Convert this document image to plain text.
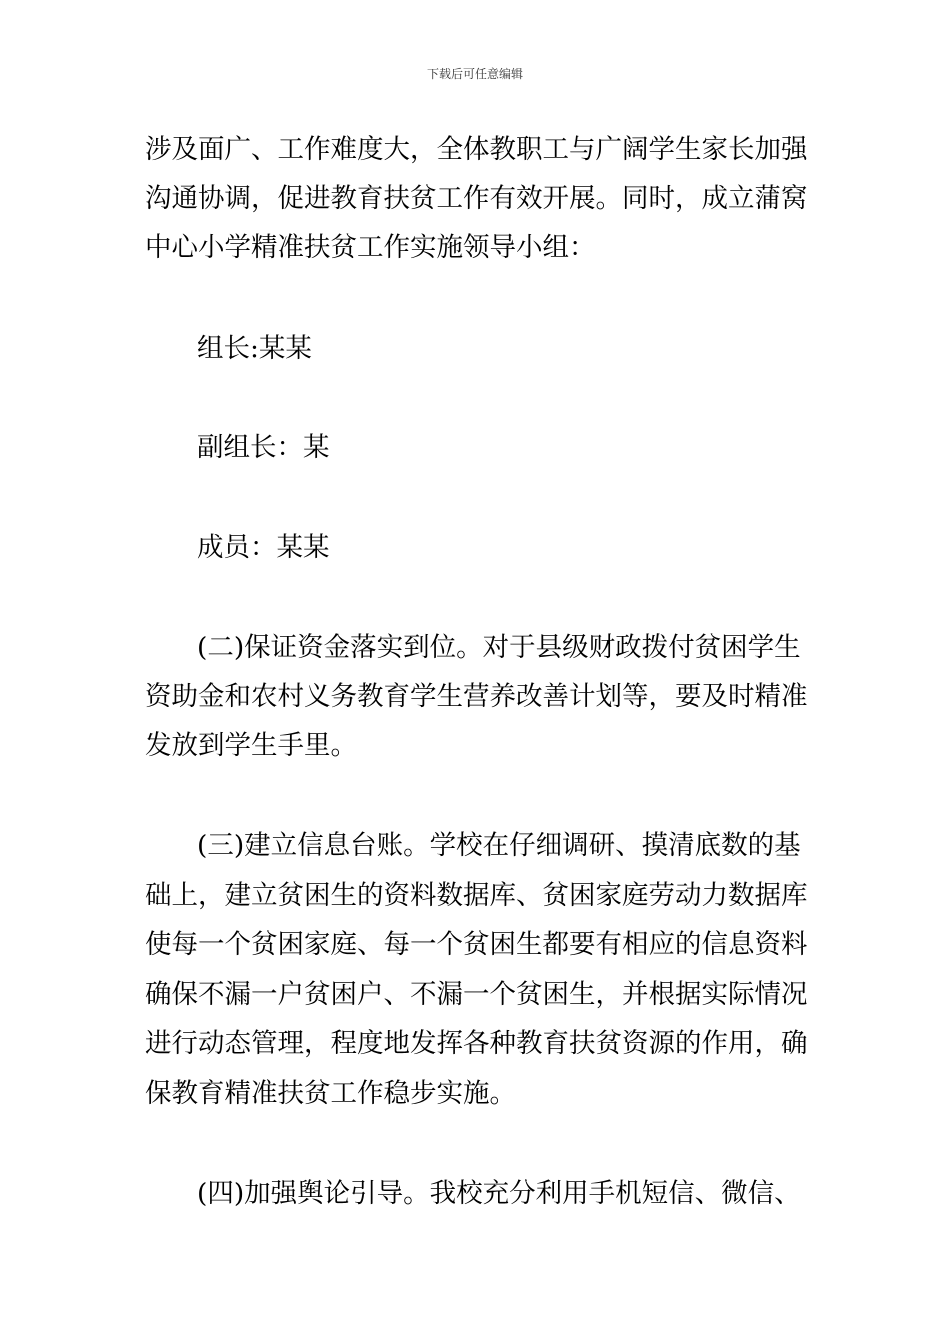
下载后可任意编辑
涉及面广、工作难度大，全体教职工与广阔学生家长加强
沟通协调，促进教育扶贫工作有效开展。同时，成立蒲窝
中心小学精准扶贫工作实施领导小组：
组长:某某
副组长：某
成员：某某
(二)保证资金落实到位。对于县级财政拨付贫困学生
资助金和农村义务教育学生营养改善计划等，要及时精准
发放到学生手里。
(三)建立信息台账。学校在仔细调研、摸清底数的基
础上，建立贫困生的资料数据库、贫困家庭劳动力数据库
使每一个贫困家庭、每一个贫困生都要有相应的信息资料
确保不漏一户贫困户、不漏一个贫困生，并根据实际情况
进行动态管理，程度地发挥各种教育扶贫资源的作用，确
保教育精准扶贫工作稳步实施。
(四)加强舆论引导。我校充分利用手机短信、微信、
